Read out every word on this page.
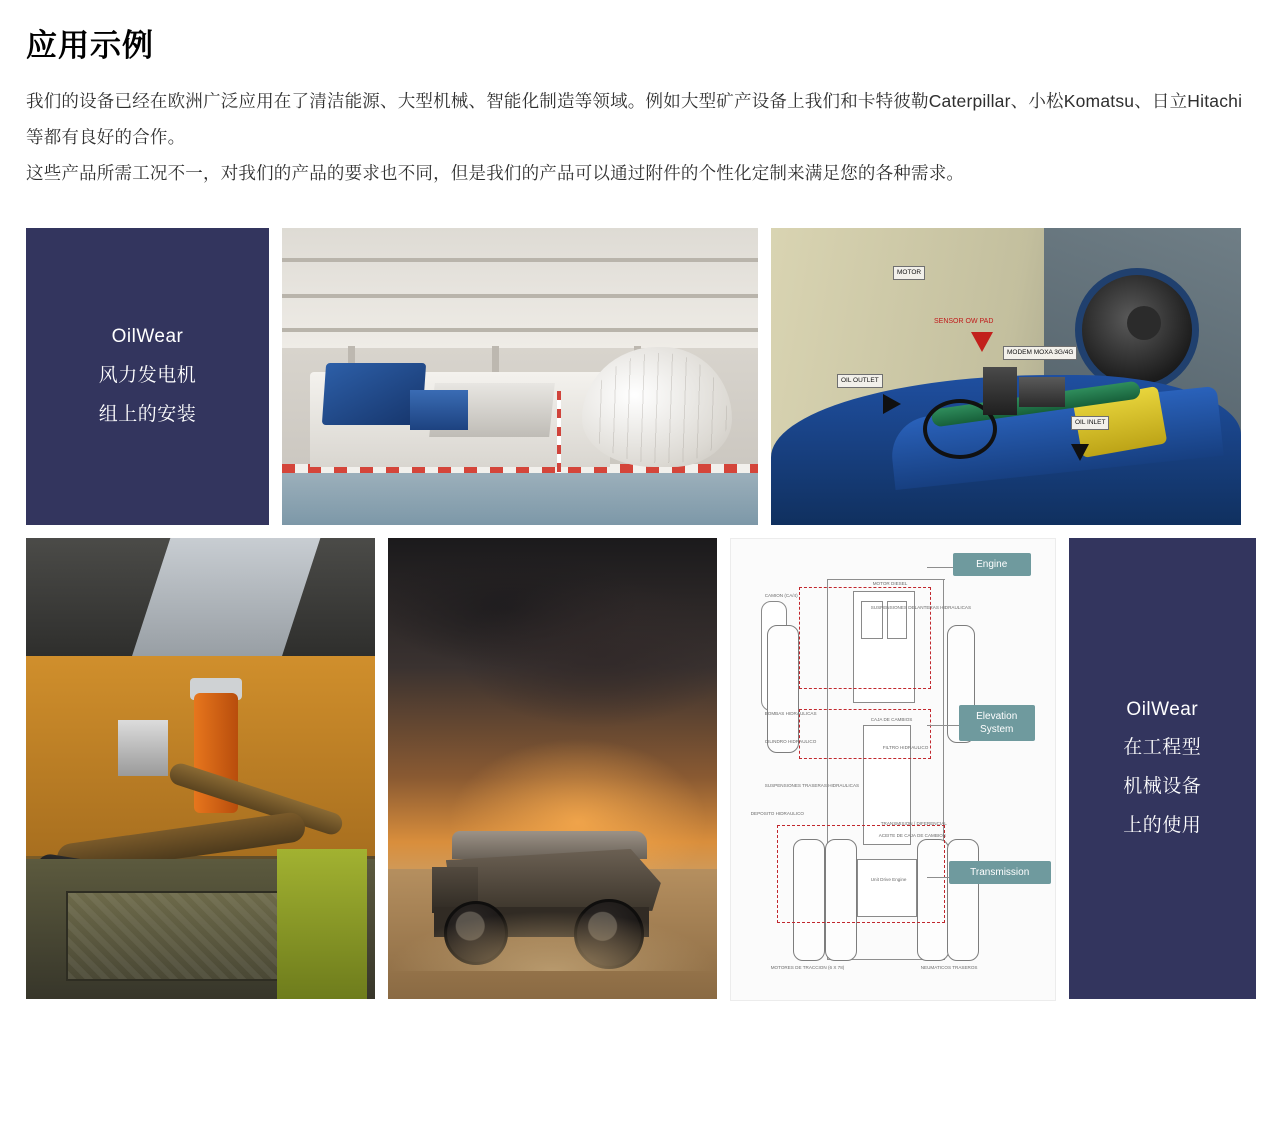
应用示例

我们的设备已经在欧洲广泛应用在了清洁能源、大型机械、智能化制造等领域。例如大型矿产设备上我们和卡特彼勒Caterpillar、小松Komatsu、日立Hitachi 等都有良好的合作。

这些产品所需工况不一，对我们的产品的要求也不同，但是我们的产品可以通过附件的个性化定制来满足您的各种需求。

OilWear
风力发电机
组上的安装
SENSOR OW PAD
MODEM MOXA 3G/4G
OIL OUTLET
OIL INLET
MOTOR
Engine
Elevation System
Transmission
CAMION (CA/4)
MOTOR DIESEL
SUSPENSIONES DELANTERAS HIDRAULICAS
BOMBAS HIDRAULICAS
CILINDRO HIDRAULICO
CAJA DE CAMBIOS
FILTRO HIDRAULICO
SUSPENSIONES TRASERAS HIDRAULICAS
DEPOSITO HIDRAULICO
TRANSMISION / DIFERENCIAL
ACEITE DE CAJA DE CAMBIOS
MOTORES DE TRACCION (6 X 78)	NEUMATICOS TRASEROS
Unit Drive Engine
OilWear
在工程型
机械设备
上的使用
